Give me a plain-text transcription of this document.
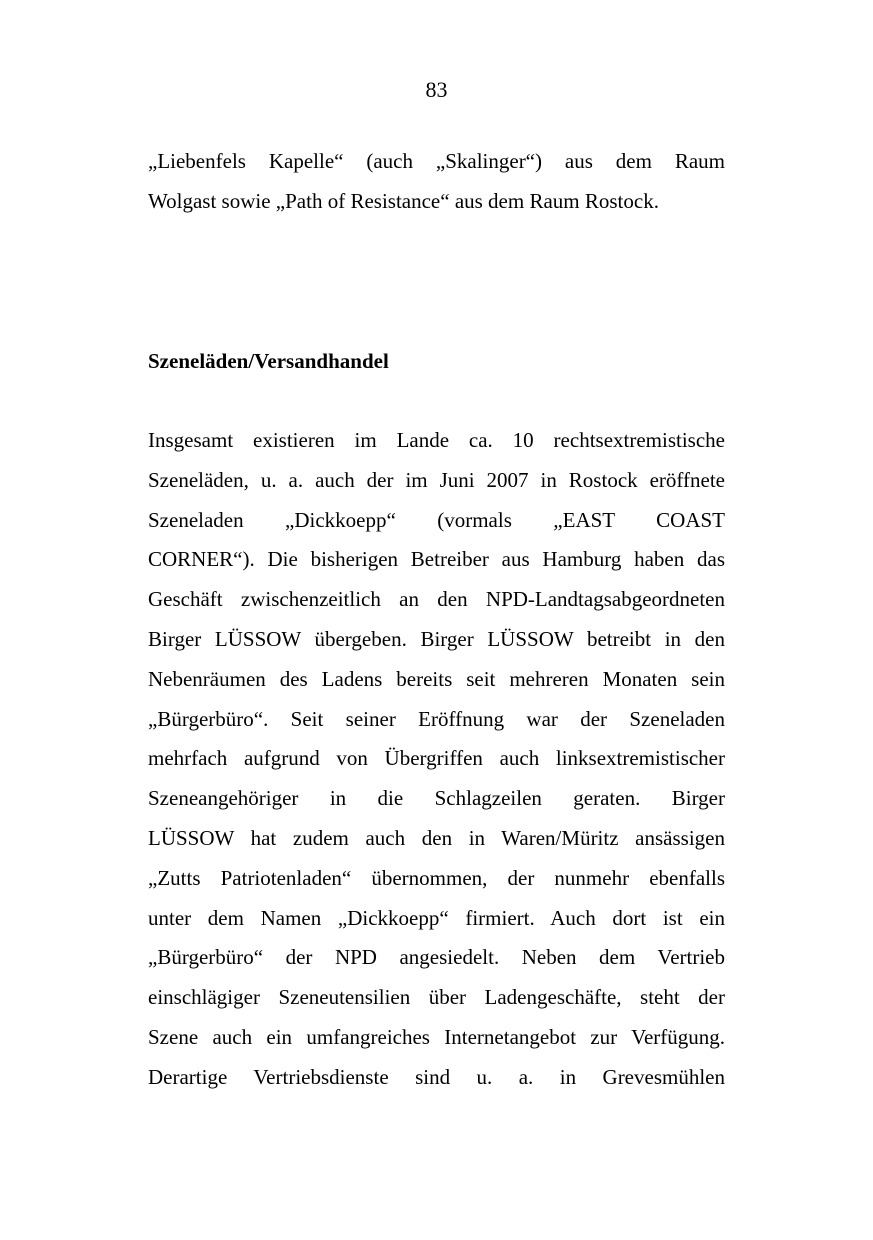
83
„Liebenfels Kapelle“ (auch „Skalinger“) aus dem Raum
Wolgast sowie „Path of Resistance“ aus dem Raum Rostock.
Szeneläden/Versandhandel
Insgesamt existieren im Lande ca. 10 rechtsextremistische
Szeneläden, u. a. auch der im Juni 2007 in Rostock eröffnete
Szeneladen „Dickkoepp“ (vormals „EAST COAST
CORNER“). Die bisherigen Betreiber aus Hamburg haben das
Geschäft zwischenzeitlich an den NPD-Landtagsabgeordneten
Birger LÜSSOW übergeben. Birger LÜSSOW betreibt in den
Nebenräumen des Ladens bereits seit mehreren Monaten sein
„Bürgerbüro“. Seit seiner Eröffnung war der Szeneladen
mehrfach aufgrund von Übergriffen auch linksextremistischer
Szeneangehöriger in die Schlagzeilen geraten. Birger
LÜSSOW hat zudem auch den in Waren/Müritz ansässigen
„Zutts Patriotenladen“ übernommen, der nunmehr ebenfalls
unter dem Namen „Dickkoepp“ firmiert. Auch dort ist ein
„Bürgerbüro“ der NPD angesiedelt. Neben dem Vertrieb
einschlägiger Szeneutensilien über Ladengeschäfte, steht der
Szene auch ein umfangreiches Internetangebot zur Verfügung.
Derartige Vertriebsdienste sind u. a. in Grevesmühlen
